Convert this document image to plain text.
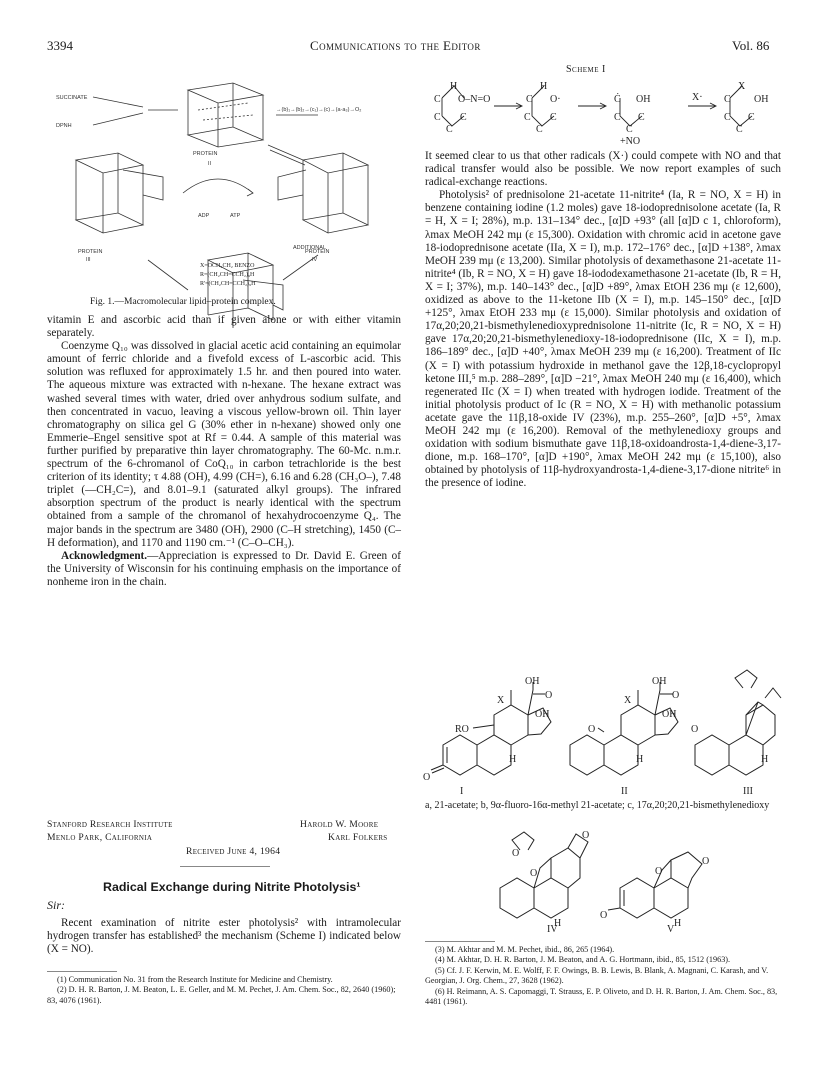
3394	Communications to the Editor	Vol. 86
SUCCINATE
DPNH
→(b)₁→(b)₂→(c₁)→(c)→(a·a₃)→O₂
PROTEIN
II
PROTEIN
III
PROTEIN
IV
ADP	ATP
ADDITIONAL
X=OCH₂CH₂ BENZO
R=(CH₂CH=CCH₂)₉H
R'=(CH₂CH=CCH₂)₉H
Fig. 1.—Macromolecular lipid–protein complex.

vitamin E and ascorbic acid than if given alone or with either vitamin separately.

Coenzyme Q₁₀ was dissolved in glacial acetic acid containing an equimolar amount of ferric chloride and a fivefold excess of L-ascorbic acid. This solution was refluxed for approximately 1.5 hr. and then poured into water. The aqueous mixture was extracted with n-hexane. The hexane extract was washed several times with water, dried over anhydrous sodium sulfate, and then concentrated in vacuo, leaving a viscous yellow-brown oil. Thin layer chromatography on silica gel G (30% ether in n-hexane) showed only one Emmerie–Engel sensitive spot at Rf = 0.44. A sample of this material was further purified by preparative thin layer chromatography. The 60-Mc. n.m.r. spectrum of the 6-chromanol of CoQ₁₀ in carbon tetrachloride is the best criterion of its identity; τ 4.88 (OH), 4.99 (CH=), 6.16 and 6.28 (CH₃O–), 7.48 triplet (—CH₂C=), and 8.01–9.1 (saturated alkyl groups). The infrared absorption spectrum of the product is nearly identical with the spectrum obtained from a sample of the chromanol of hexahydrocoenzyme Q₄. The major bands in the spectrum are 3480 (OH), 2900 (C–H stretching), 1450 (C–H deformation), and 1170 and 1190 cm.⁻¹ (C–O–CH₃).

Acknowledgment.—Appreciation is expressed to Dr. David E. Green of the University of Wisconsin for his continuing emphasis on the importance of nonheme iron in the chain.

Stanford Research Institute
Menlo Park, California
Harold W. Moore
Karl Folkers
Received June 4, 1964
Radical Exchange during Nitrite Photolysis¹
Sir:

Recent examination of nitrite ester photolysis² with intramolecular hydrogen transfer has established³ the mechanism (Scheme I) indicated below (X = NO).

(1) Communication No. 31 from the Research Institute for Medicine and Chemistry.
(2) D. H. R. Barton, J. M. Beaton, L. E. Geller, and M. M. Pechet, J. Am. Chem. Soc., 82, 2640 (1960); 83, 4076 (1961).
Scheme I
C
H
O–N=O
C
C
C
C
H
O·
C
C
C
Ċ OH
C
C
C
+NO
X· C
X
OH
C
C
C

It seemed clear to us that other radicals (X·) could compete with NO and that radical transfer would also be possible. We now report examples of such radical-exchange reactions.

Photolysis² of prednisolone 21-acetate 11-nitrite⁴ (Ia, R = NO, X = H) in benzene containing iodine (1.2 moles) gave 18-iodoprednisolone acetate (Ia, R = H, X = I; 28%), m.p. 131–134° dec., [α]D +93° (all [α]D c 1, chloroform), λmax MeOH 242 mμ (ε 15,300). Oxidation with chromic acid in acetone gave 18-iodoprednisone acetate (IIa, X = I), m.p. 172–176° dec., [α]D +138°, λmax MeOH 239 mμ (ε 13,200). Similar photolysis of dexamethasone 21-acetate 11-nitrite⁴ (Ib, R = NO, X = H) gave 18-iododexamethasone 21-acetate (Ib, R = H, X = I; 37%), m.p. 140–143° dec., [α]D +89°, λmax EtOH 236 mμ (ε 12,600), oxidized as above to the 11-ketone IIb (X = I), m.p. 145–150° dec., [α]D +125°, λmax EtOH 233 mμ (ε 15,000). Similar photolysis and oxidation of 17α,20;20,21-bismethylenedioxyprednisolone 11-nitrite (Ic, R = NO, X = H) gave 17α,20;20,21-bismethylenedioxy-18-iodoprednisone (IIc, X = I), m.p. 186–189° dec., [α]D +40°, λmax MeOH 239 mμ (ε 16,200). Treatment of IIc (X = I) with potassium hydroxide in methanol gave the 12β,18-cyclopropyl ketone III,⁵ m.p. 288–289°, [α]D −21°, λmax MeOH 240 mμ (ε 16,400), which regenerated IIc (X = I) when treated with hydrogen iodide. Treatment of the initial photolysis product of Ic (R = NO, X = H) with methanolic potassium acetate gave the 11β,18-oxide IV (23%), m.p. 255–260°, [α]D +5°, λmax MeOH 242 mμ (ε 16,200). Removal of the methylenedioxy groups and oxidation with sodium bismuthate gave 11β,18-oxidoandrosta-1,4-diene-3,17-dione, m.p. 168–170°, [α]D +190°, λmax MeOH 242 mμ (ε 15,100), also obtained by photolysis of 11β-hydroxyandrosta-1,4-diene-3,17-dione nitrite⁶ in the presence of iodine.

OH
X	O
OH
RO
O
H
I
OH
X	O
OH
O
H
II
O
H
III
a, 21-acetate; b, 9α-fluoro-16α-methyl 21-acetate; c, 17α,20;20,21-bismethylenedioxy
O
O
O
H
IV
O
O
O
H
V
(3) M. Akhtar and M. M. Pechet, ibid., 86, 265 (1964).
(4) M. Akhtar, D. H. R. Barton, J. M. Beaton, and A. G. Hortmann, ibid., 85, 1512 (1963).
(5) Cf. J. F. Kerwin, M. E. Wolff, F. F. Owings, B. B. Lewis, B. Blank, A. Magnani, C. Karash, and V. Georgian, J. Org. Chem., 27, 3628 (1962).
(6) H. Reimann, A. S. Capomaggi, T. Strauss, E. P. Oliveto, and D. H. R. Barton, J. Am. Chem. Soc., 83, 4481 (1961).
